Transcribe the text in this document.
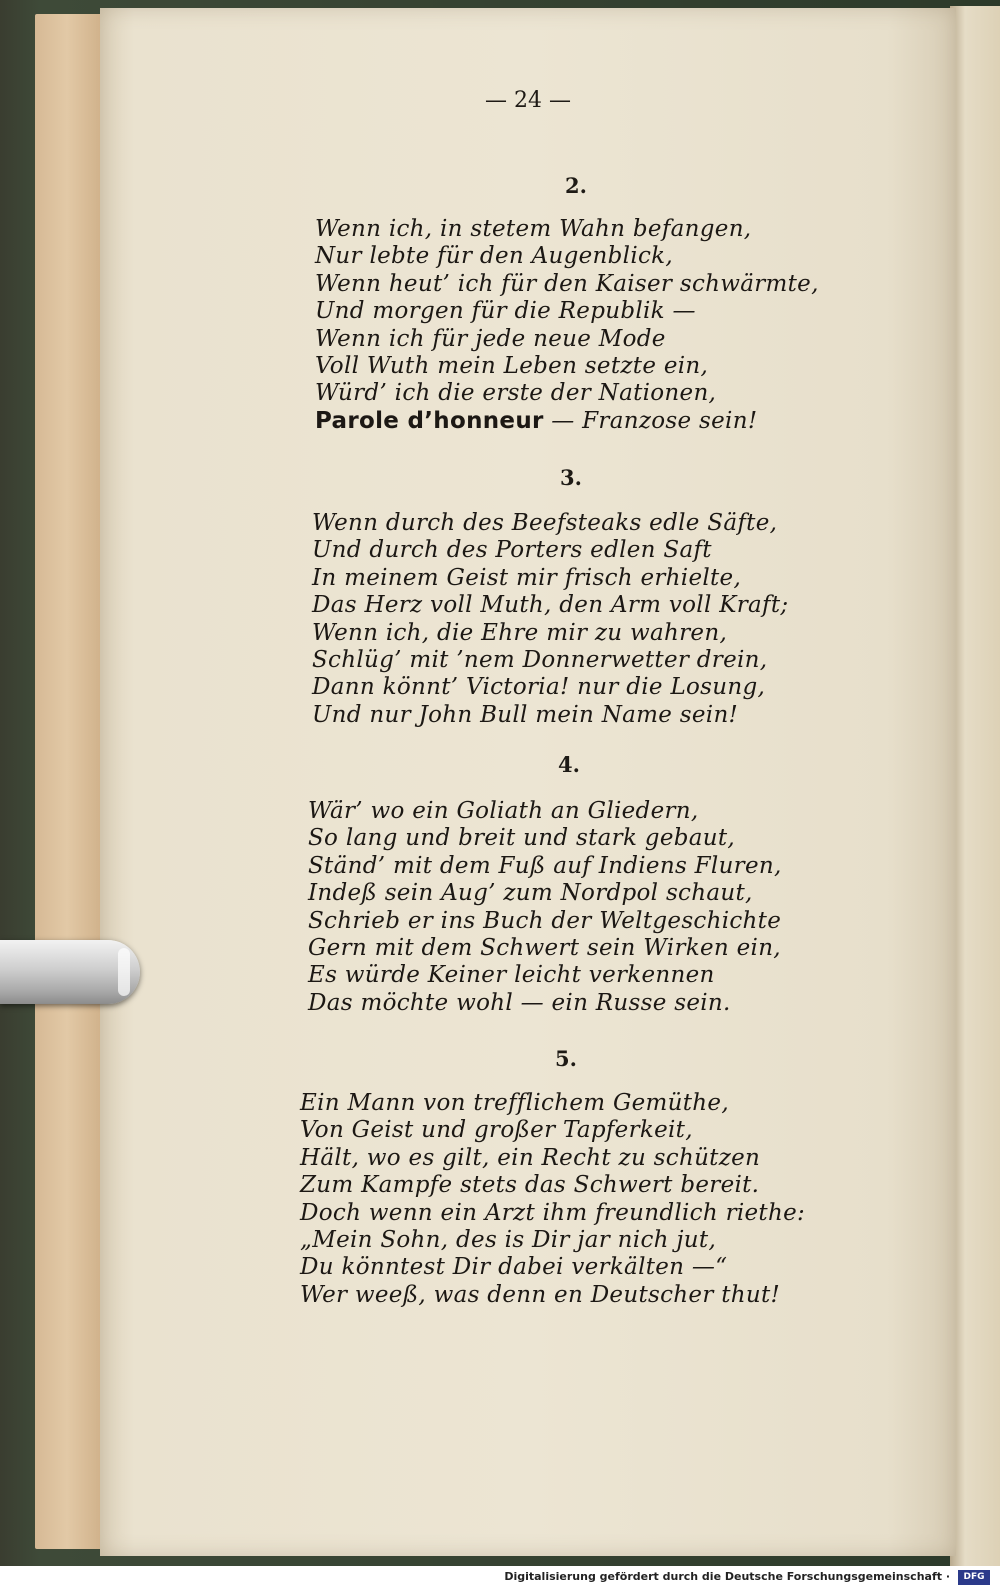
— 24 —
2.
Wenn ich, in stetem Wahn befangen,
Nur lebte für den Augenblick,
Wenn heut’ ich für den Kaiser schwärmte,
Und morgen für die Republik —
Wenn ich für jede neue Mode
Voll Wuth mein Leben setzte ein,
Würd’ ich die erste der Nationen,
Parole d’honneur — Franzose sein!
3.
Wenn durch des Beefsteaks edle Säfte,
Und durch des Porters edlen Saft
In meinem Geist mir frisch erhielte,
Das Herz voll Muth, den Arm voll Kraft;
Wenn ich, die Ehre mir zu wahren,
Schlüg’ mit ’nem Donnerwetter drein,
Dann könnt’ Victoria! nur die Losung,
Und nur John Bull mein Name sein!
4.
Wär’ wo ein Goliath an Gliedern,
So lang und breit und stark gebaut,
Ständ’ mit dem Fuß auf Indiens Fluren,
Indeß sein Aug’ zum Nordpol schaut,
Schrieb er ins Buch der Weltgeschichte
Gern mit dem Schwert sein Wirken ein,
Es würde Keiner leicht verkennen
Das möchte wohl — ein Russe sein.
5.
Ein Mann von trefflichem Gemüthe,
Von Geist und großer Tapferkeit,
Hält, wo es gilt, ein Recht zu schützen
Zum Kampfe stets das Schwert bereit.
Doch wenn ein Arzt ihm freundlich riethe:
„Mein Sohn, des is Dir jar nich jut,
Du könntest Dir dabei verkälten —“
Wer weeß, was denn en Deutscher thut!
Digitalisierung gefördert durch die Deutsche Forschungsgemeinschaft ·	DFG
